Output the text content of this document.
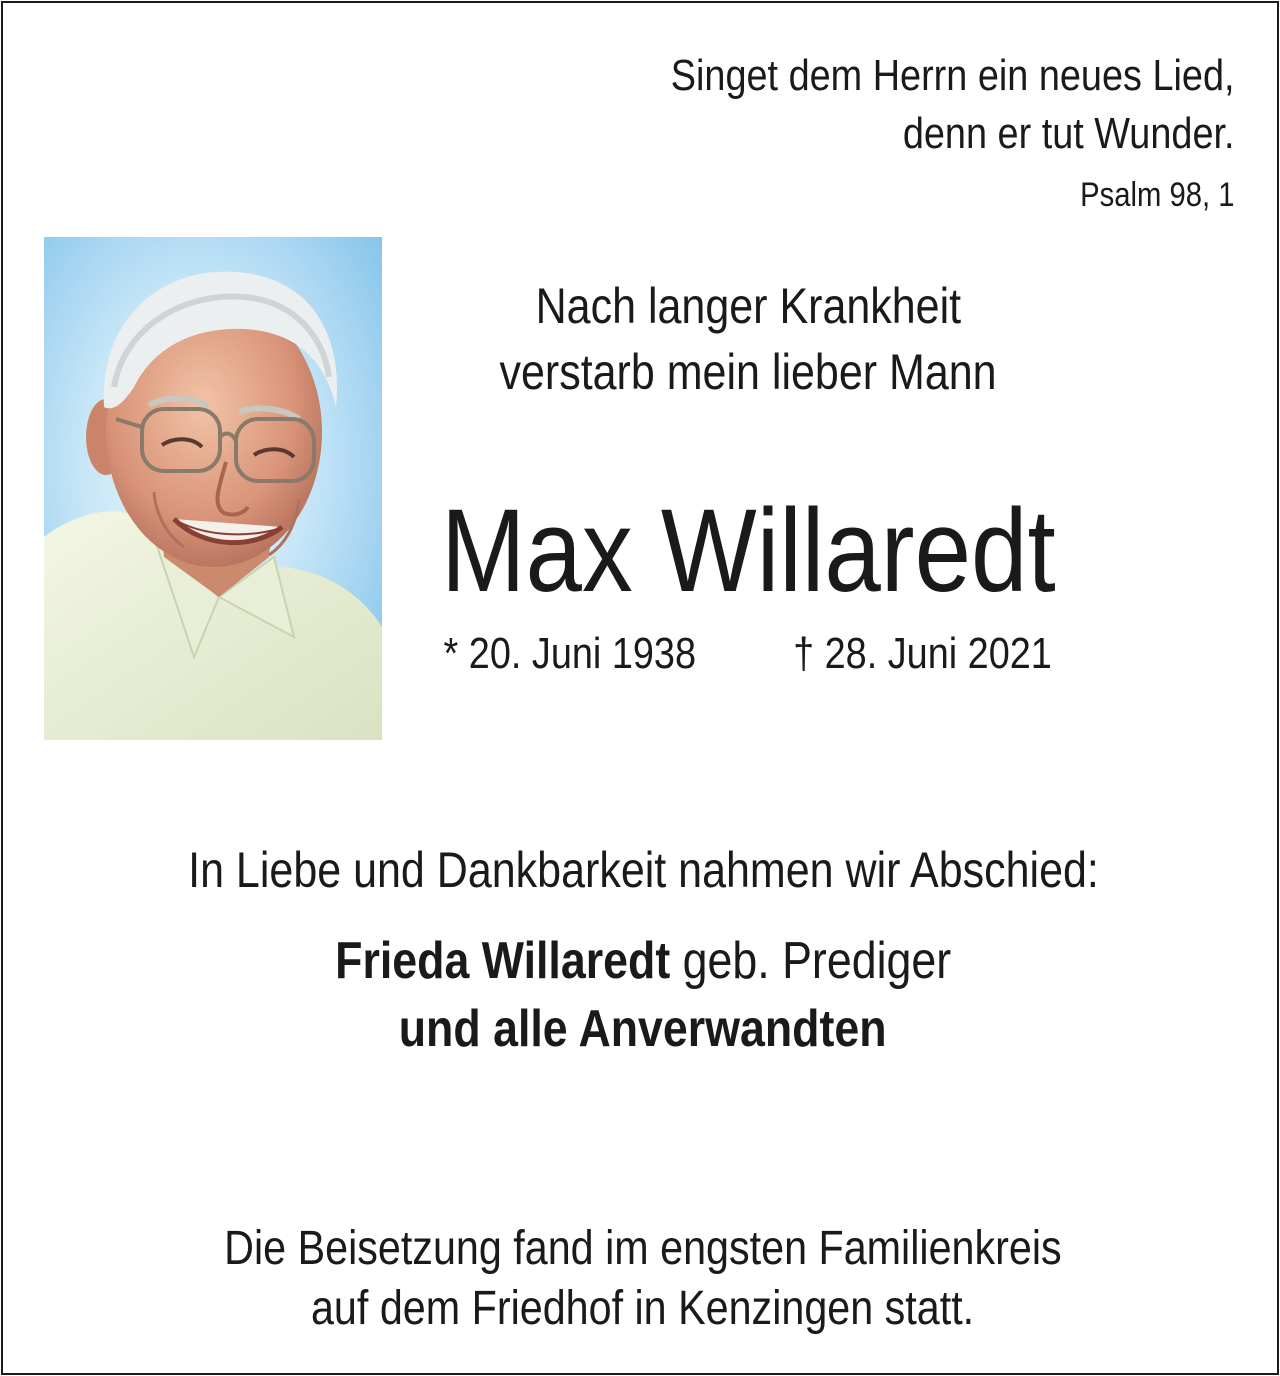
Singet dem Herrn ein neues Lied,
denn er tut Wunder.
Psalm 98, 1
Nach langer Krankheit
verstarb mein lieber Mann
Max Willaredt
* 20. Juni 1938 † 28. Juni 2021
In Liebe und Dankbarkeit nahmen wir Abschied:
Frieda Willaredt geb. Prediger
und alle Anverwandten
Die Beisetzung fand im engsten Familienkreis
auf dem Friedhof in Kenzingen statt.
